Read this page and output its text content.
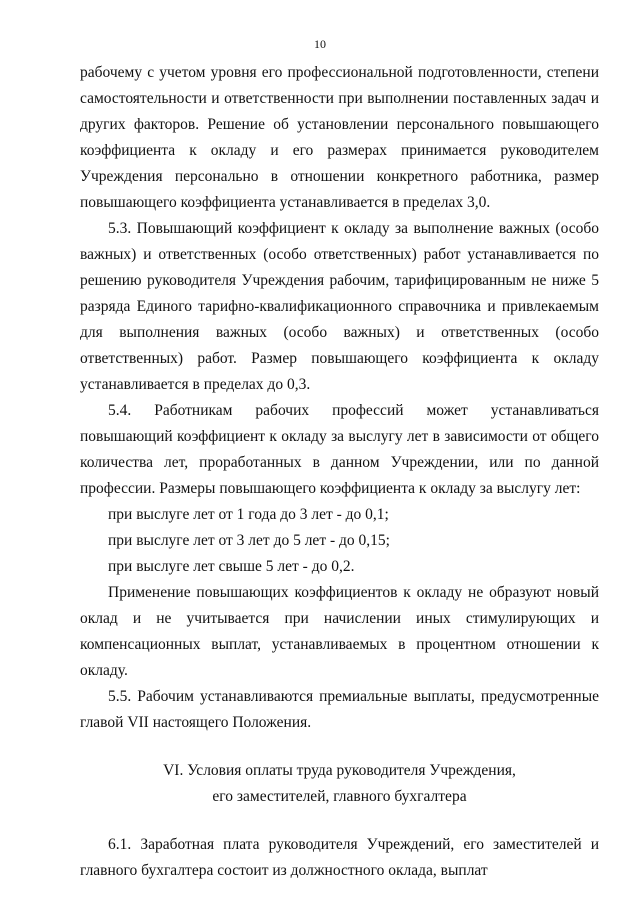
10

рабочему с учетом уровня его профессиональной подготовленности, степени самостоятельности и ответственности при выполнении поставленных задач и других факторов. Решение об установлении персонального повышающего коэффициента к окладу и его размерах принимается руководителем Учреждения персонально в отношении конкретного работника, размер повышающего коэффициента устанавливается в пределах 3,0.

5.3. Повышающий коэффициент к окладу за выполнение важных (особо важных) и ответственных (особо ответственных) работ устанавливается по решению руководителя Учреждения рабочим, тарифицированным не ниже 5 разряда Единого тарифно-квалификационного справочника и привлекаемым для выполнения важных (особо важных) и ответственных (особо ответственных) работ. Размер повышающего коэффициента к окладу устанавливается в пределах до 0,3.

5.4. Работникам рабочих профессий может устанавливаться повышающий коэффициент к окладу за выслугу лет в зависимости от общего количества лет, проработанных в данном Учреждении, или по данной профессии. Размеры повышающего коэффициента к окладу за выслугу лет:

при выслуге лет от 1 года до 3 лет - до 0,1;

при выслуге лет от 3 лет до 5 лет - до 0,15;

при выслуге лет свыше 5 лет - до 0,2.

Применение повышающих коэффициентов к окладу не образуют новый оклад и не учитывается при начислении иных стимулирующих и компенсационных выплат, устанавливаемых в процентном отношении к окладу.

5.5. Рабочим устанавливаются премиальные выплаты, предусмотренные главой VII настоящего Положения.

VI. Условия оплаты труда руководителя Учреждения,
его заместителей, главного бухгалтера

6.1. Заработная плата руководителя Учреждений, его заместителей и главного бухгалтера состоит из должностного оклада, выплат
